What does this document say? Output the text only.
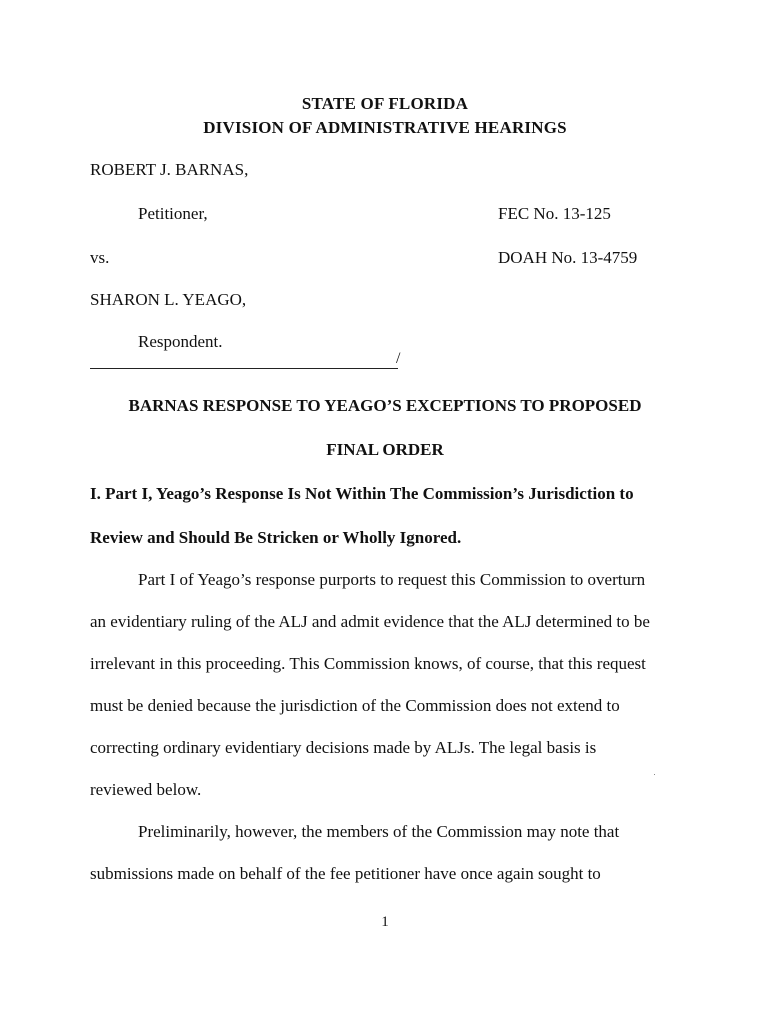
STATE OF FLORIDA
DIVISION OF ADMINISTRATIVE HEARINGS
ROBERT J. BARNAS,
Petitioner,	FEC No. 13-125
vs.	DOAH No. 13-4759
SHARON L. YEAGO,
Respondent.
/
BARNAS RESPONSE TO YEAGO’S EXCEPTIONS TO PROPOSED
FINAL ORDER
I. Part I, Yeago’s Response Is Not Within The Commission’s Jurisdiction to
Review and Should Be Stricken or Wholly Ignored.
Part I of Yeago’s response purports to request this Commission to overturn
an evidentiary ruling of the ALJ and admit evidence that the ALJ determined to be
irrelevant in this proceeding. This Commission knows, of course, that this request
must be denied because the jurisdiction of the Commission does not extend to
correcting ordinary evidentiary decisions made by ALJs. The legal basis is
reviewed below.
Preliminarily, however, the members of the Commission may note that
submissions made on behalf of the fee petitioner have once again sought to
1
